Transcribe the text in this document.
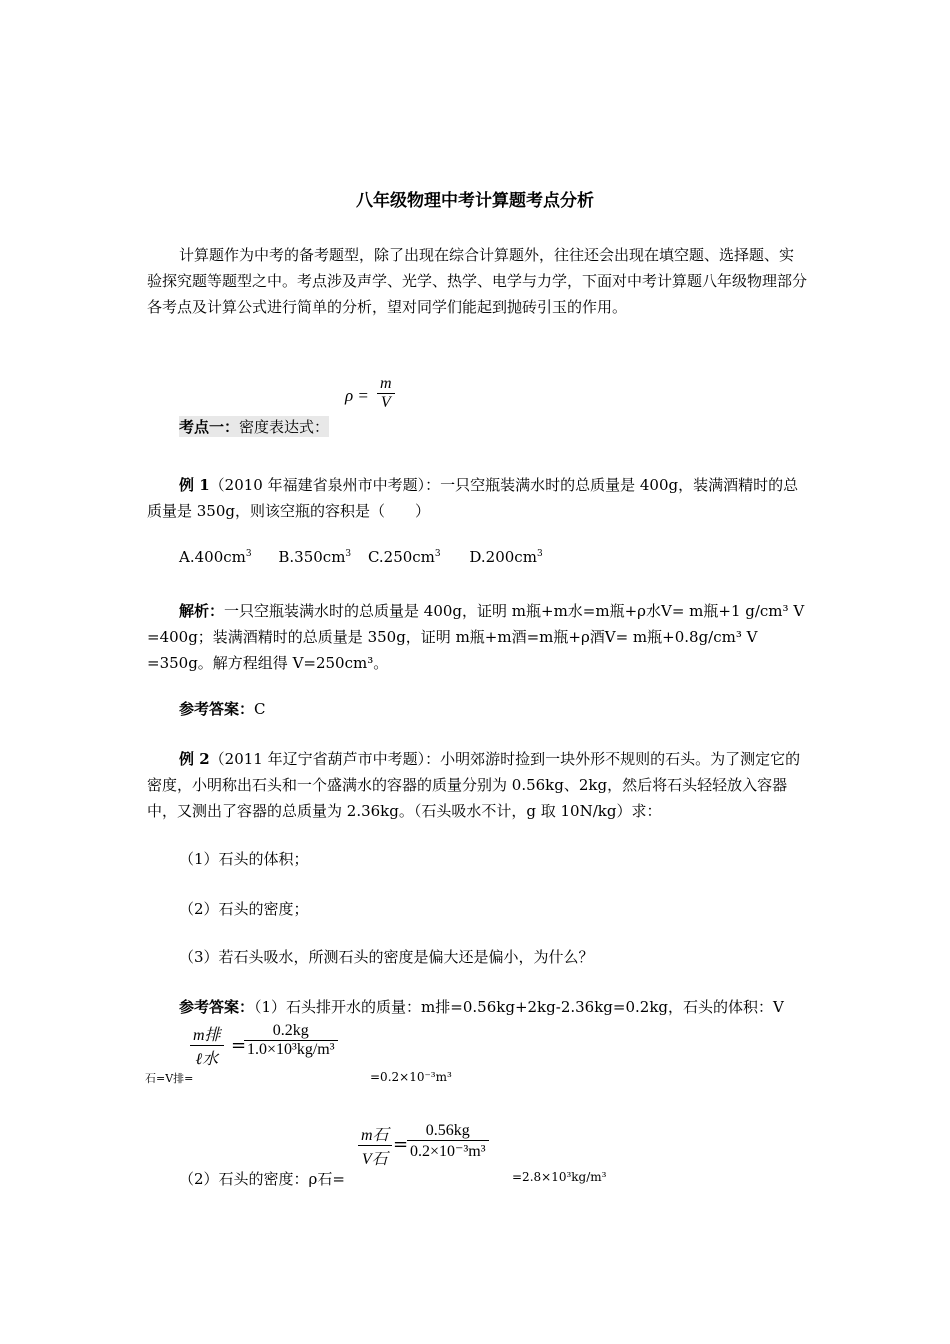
八年级物理中考计算题考点分析
计算题作为中考的备考题型，除了出现在综合计算题外，往往还会出现在填空题、选择题、实验探究题等题型之中。考点涉及声学、光学、热学、电学与力学，下面对中考计算题八年级物理部分各考点及计算公式进行简单的分析，望对同学们能起到抛砖引玉的作用。
$\rho = \frac{m}{V}$
考点一：密度表达式：
例 1（2010 年福建省泉州市中考题）：一只空瓶装满水时的总质量是 400g，装满酒精时的总质量是 350g，则该空瓶的容积是（　　）
$A.400cm^3$ $B.350cm^3$ $C.250cm^3$ $D.200cm^3$
解析：一只空瓶装满水时的总质量是 400g，证明 m瓶+m水=m瓶+ρ水V= m瓶+1 g/cm³ V =400g；装满酒精时的总质量是 350g，证明 m瓶+m酒=m瓶+ρ酒V= m瓶+0.8g/cm³ V =350g。解方程组得 V=250cm³。
参考答案：C
例 2（2011 年辽宁省葫芦市中考题）：小明郊游时捡到一块外形不规则的石头。为了测定它的密度，小明称出石头和一个盛满水的容器的质量分别为 0.56kg、2kg，然后将石头轻轻放入容器中，又测出了容器的总质量为 2.36kg。（石头吸水不计，g 取 10N/kg）求：
（1）石头的体积；
（2）石头的密度；
（3）若石头吸水，所测石头的密度是偏大还是偏小，为什么？
参考答案：（1）石头排开水的质量：m排=0.56kg+2kg-2.36kg=0.2kg，石头的体积：V
石=V排=
m排
ℓ水
=
$\frac{0.2kg}{\text{1.0×10³kg/m³}}$
=0.2×10⁻³m³
（2）石头的密度：ρ石=
m石
V石
=
$\frac{0.56kg}{\text{0.2×10⁻³m³}}$
=2.8×10³kg/m³
